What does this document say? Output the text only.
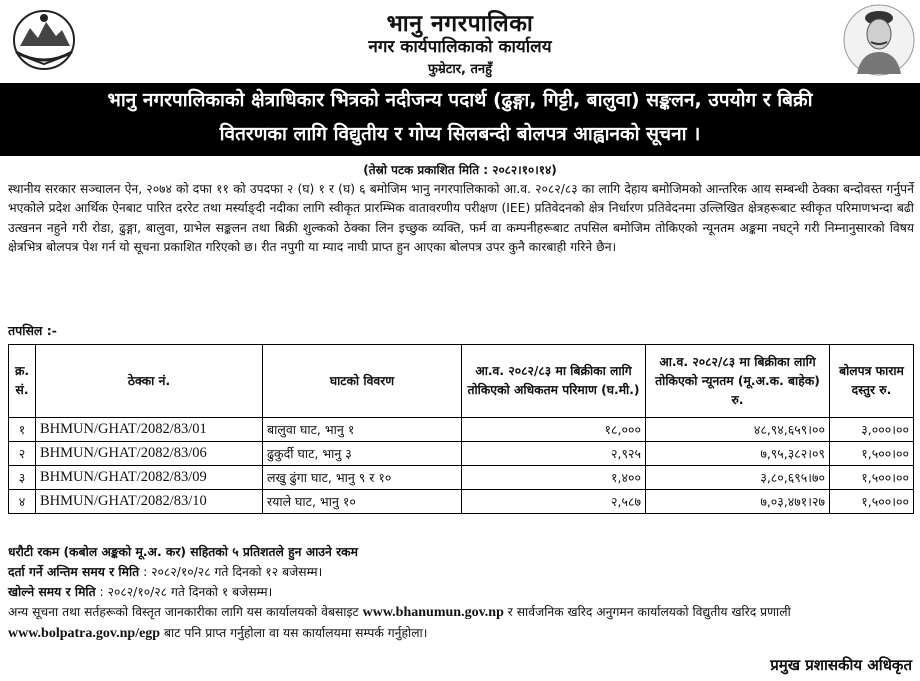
भानु नगरपालिका
नगर कार्यपालिकाको कार्यालय
फुम्रेटार, तनहुँ
भानु नगरपालिकाको क्षेत्राधिकार भित्रको नदीजन्य पदार्थ (ढुङ्गा, गिट्टी, बालुवा) सङ्कलन, उपयोग र बिक्री
वितरणका लागि विद्युतीय र गोप्य सिलबन्दी बोलपत्र आह्वानको सूचना ।
(तेस्रो पटक प्रकाशित मिति : २०८२।१०।१४)
स्थानीय सरकार सञ्चालन ऐन, २०७४ को दफा ११ को उपदफा २ (घ) १ र (घ) ६ बमोजिम भानु नगरपालिकाको आ.व. २०८२/८३ का लागि देहाय बमोजिमको आन्तरिक आय सम्बन्धी ठेक्का बन्दोवस्त गर्नुपर्ने भएकोले प्रदेश आर्थिक ऐनबाट पारित दररेट तथा मर्स्याङ्दी नदीका लागि स्वीकृत प्रारम्भिक वातावरणीय परीक्षण (IEE) प्रतिवेदनको क्षेत्र निर्धारण प्रतिवेदनमा उल्लिखित क्षेत्रहरूबाट स्वीकृत परिमाणभन्दा बढी उत्खनन नहुने गरी रोडा, ढुङ्गा, बालुवा, ग्राभेल सङ्कलन तथा बिक्री शुल्कको ठेक्का लिन इच्छुक व्यक्ति, फर्म वा कम्पनीहरूबाट तपसिल बमोजिम तोकिएको न्यूनतम अङ्कमा नघट्ने गरी निम्नानुसारको विषय क्षेत्रभित्र बोलपत्र पेश गर्न यो सूचना प्रकाशित गरिएको छ। रीत नपुगी या म्याद नाघी प्राप्त हुन आएका बोलपत्र उपर कुनै कारबाही गरिने छैन।
तपसिल :-
क्र. सं.	ठेक्का नं.	घाटको विवरण	आ.व. २०८२/८३ मा बिक्रीका लागि तोकिएको अधिकतम परिमाण (घ.मी.)	आ.व. २०८२/८३ मा बिक्रीका लागि तोकिएको न्यूनतम (मू.अ.क. बाहेक) रु.	बोलपत्र फाराम दस्तुर रु.
१	BHMUN/GHAT/2082/83/01	बालुवा घाट, भानु १	१८,०००	४८,९४,६५९।००	३,०००।००
२	BHMUN/GHAT/2082/83/06	ढुकुर्दी घाट, भानु ३	२,९२५	७,९५,३८२।०९	१,५००।००
३	BHMUN/GHAT/2082/83/09	लखु ढुंगा घाट, भानु ९ र १०	१,४००	३,८०,६९५।७०	१,५००।००
४	BHMUN/GHAT/2082/83/10	रयाले घाट, भानु १०	२,५८७	७,०३,४७१।२७	१,५००।००
धरौटी रकम (कबोल अङ्कको मू.अ. कर) सहितको ५ प्रतिशतले हुन आउने रकम
दर्ता गर्ने अन्तिम समय र मिति : २०८२/१०/२८ गते दिनको १२ बजेसम्म।
खोल्ने समय र मिति : २०८२/१०/२८ गते दिनको १ बजेसम्म।
अन्य सूचना तथा सर्तहरूको विस्तृत जानकारीका लागि यस कार्यालयको वेबसाइट www.bhanumun.gov.np र सार्वजनिक खरिद अनुगमन कार्यालयको विद्युतीय खरिद प्रणाली www.bolpatra.gov.np/egp बाट पनि प्राप्त गर्नुहोला वा यस कार्यालयमा सम्पर्क गर्नुहोला।
प्रमुख प्रशासकीय अधिकृत
